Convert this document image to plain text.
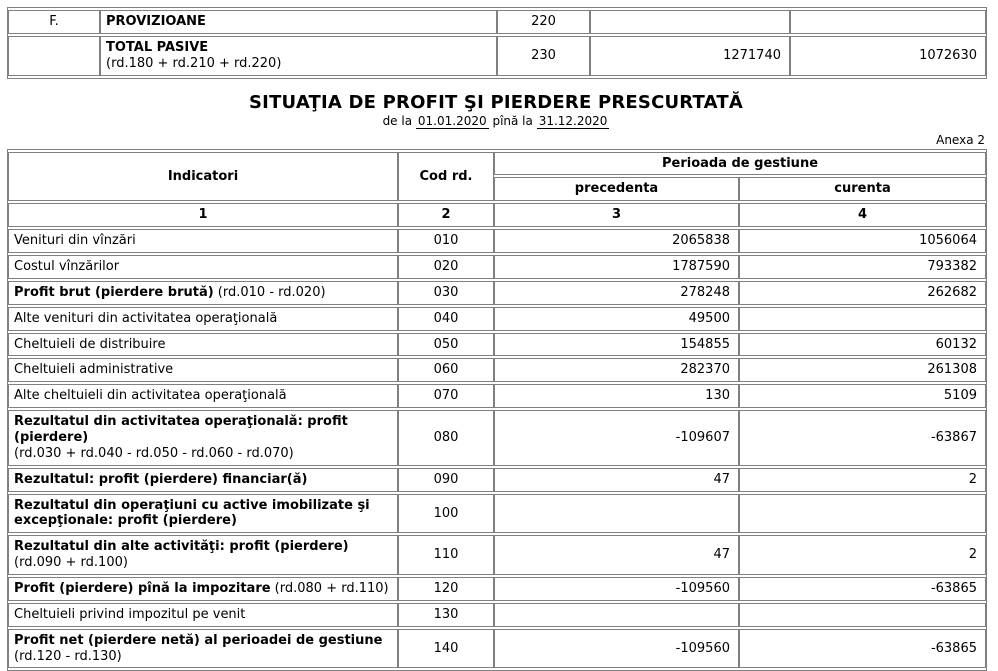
F.	PROVIZIOANE	220		
	TOTAL PASIVE
(rd.180 + rd.210 + rd.220)	230	1271740	1072630
SITUAŢIA DE PROFIT ŞI PIERDERE PRESCURTATĂ
de la 01.01.2020 pînă la 31.12.2020
Anexa 2
Indicatori	Cod rd.	Perioada de gestiune	
		precedenta	curenta
1	2	3	4
Venituri din vînzări	010	2065838	1056064
Costul vînzărilor	020	1787590	793382
Profit brut (pierdere brută) (rd.010 - rd.020)	030	278248	262682
Alte venituri din activitatea operaţională	040	49500	
Cheltuieli de distribuire	050	154855	60132
Cheltuieli administrative	060	282370	261308
Alte cheltuieli din activitatea operaţională	070	130	5109
Rezultatul din activitatea operaţională: profit (pierdere)
(rd.030 + rd.040 - rd.050 - rd.060 - rd.070)	080	-109607	-63867
Rezultatul: profit (pierdere) financiar(ă)	090	47	2
Rezultatul din operaţiuni cu active imobilizate şi excepţionale: profit (pierdere)	100		
Rezultatul din alte activităţi: profit (pierdere) (rd.090 + rd.100)	110	47	2
Profit (pierdere) pînă la impozitare (rd.080 + rd.110)	120	-109560	-63865
Cheltuieli privind impozitul pe venit	130		
Profit net (pierdere netă) al perioadei de gestiune (rd.120 - rd.130)	140	-109560	-63865
